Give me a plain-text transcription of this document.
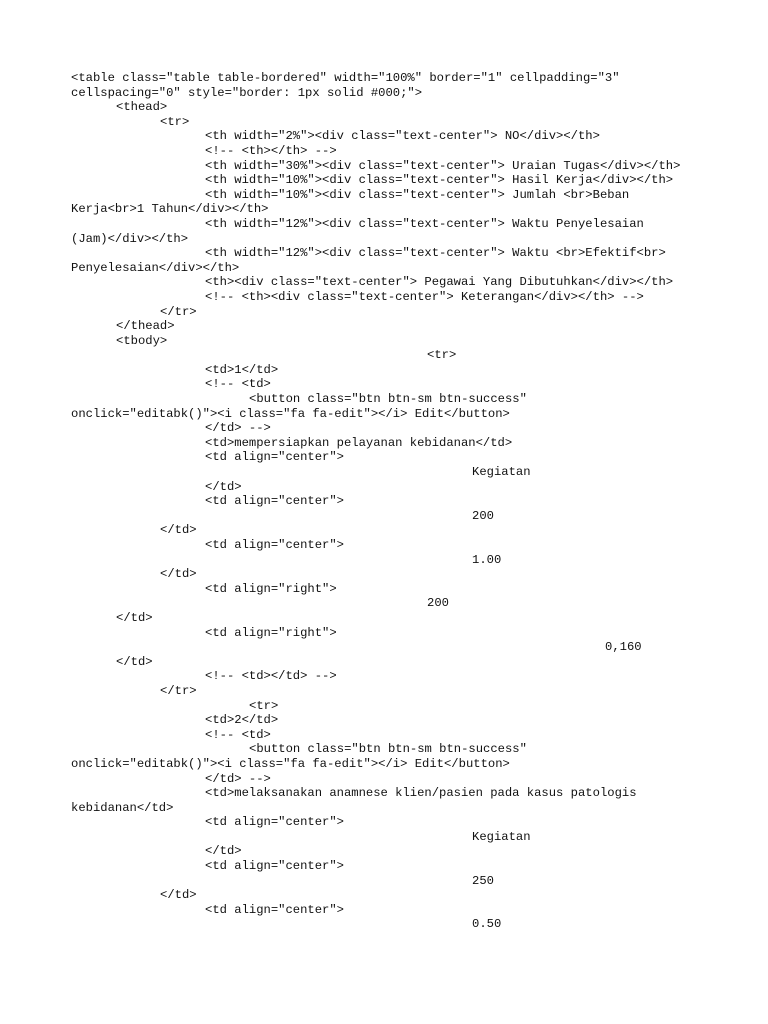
<table class="table table-bordered" width="100%" border="1" cellpadding="3"
cellspacing="0" style="border: 1px solid #000;">
<thead>
<tr>
<th width="2%"><div class="text-center"> NO</div></th>
<!-- <th></th> -->
<th width="30%"><div class="text-center"> Uraian Tugas</div></th>
<th width="10%"><div class="text-center"> Hasil Kerja</div></th>
<th width="10%"><div class="text-center"> Jumlah <br>Beban
Kerja<br>1 Tahun</div></th>
<th width="12%"><div class="text-center"> Waktu Penyelesaian
(Jam)</div></th>
<th width="12%"><div class="text-center"> Waktu <br>Efektif<br>
Penyelesaian</div></th>
<th><div class="text-center"> Pegawai Yang Dibutuhkan</div></th>
<!-- <th><div class="text-center"> Keterangan</div></th> -->
</tr>
</thead>
<tbody>
<tr>
<td>1</td>
<!-- <td>
<button class="btn btn-sm btn-success"
onclick="editabk()"><i class="fa fa-edit"></i> Edit</button>
</td> -->
<td>mempersiapkan pelayanan kebidanan</td>
<td align="center">
Kegiatan
</td>
<td align="center">
200
</td>
<td align="center">
1.00
</td>
<td align="right">
200
</td>
<td align="right">
0,160
</td>
<!-- <td></td> -->
</tr>
<tr>
<td>2</td>
<!-- <td>
<button class="btn btn-sm btn-success"
onclick="editabk()"><i class="fa fa-edit"></i> Edit</button>
</td> -->
<td>melaksanakan anamnese klien/pasien pada kasus patologis
kebidanan</td>
<td align="center">
Kegiatan
</td>
<td align="center">
250
</td>
<td align="center">
0.50
